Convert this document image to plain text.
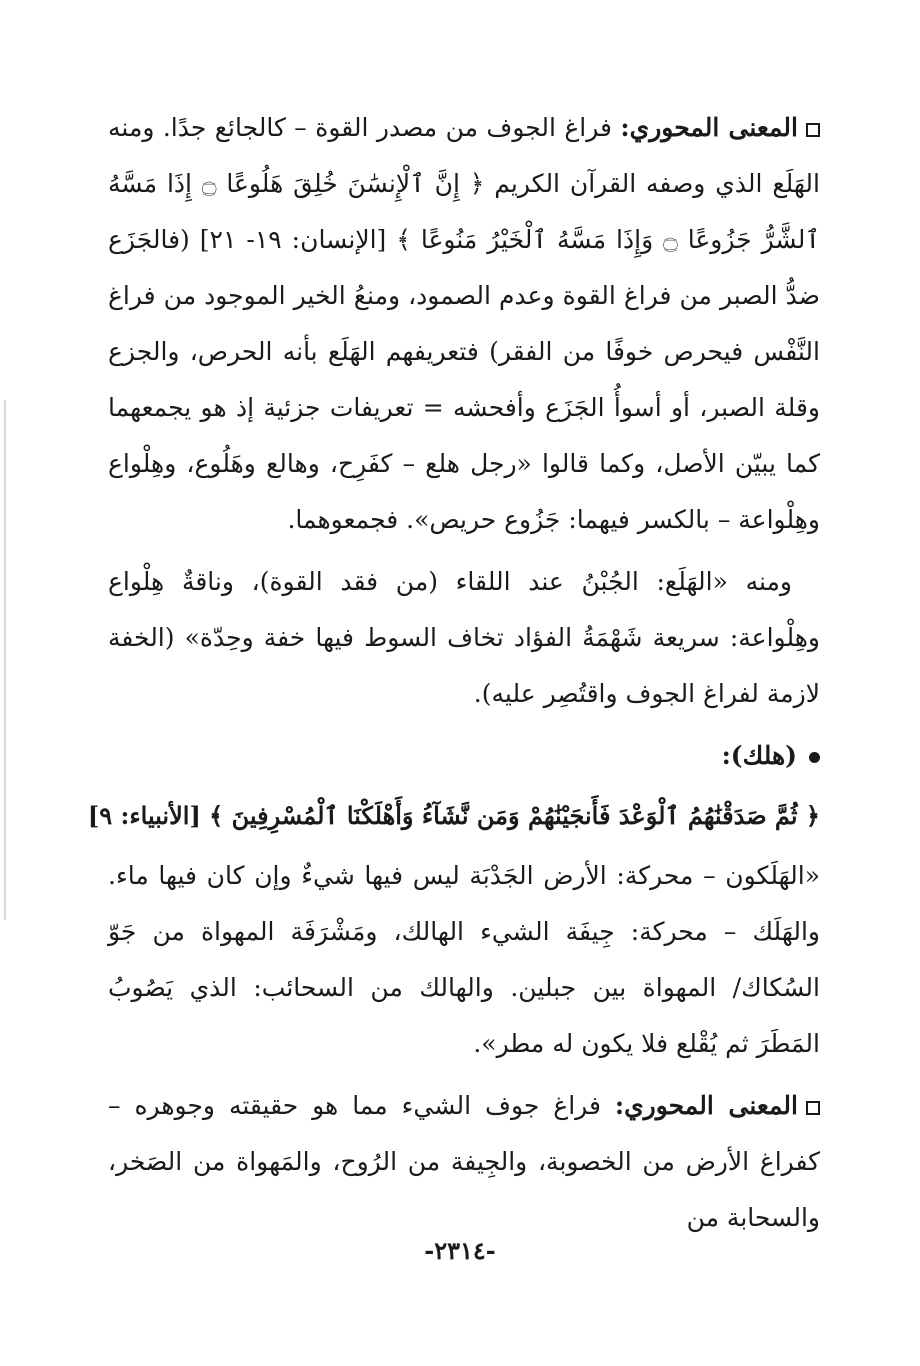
المعنى المحوري: فراغ الجوف من مصدر القوة – كالجائع جدًا. ومنه الهَلَع الذي وصفه القرآن الكريم ﴿ إِنَّ ٱلْإِنسَٰنَ خُلِقَ هَلُوعًا ۝ إِذَا مَسَّهُ ٱلشَّرُّ جَزُوعًا ۝ وَإِذَا مَسَّهُ ٱلْخَيْرُ مَنُوعًا ﴾ [الإنسان: ١٩- ٢١] (فالجَزَع ضدُّ الصبر من فراغ القوة وعدم الصمود، ومنعُ الخير الموجود من فراغ النَّفْس فيحرص خوفًا من الفقر) فتعريفهم الهَلَع بأنه الحرص، والجزع وقلة الصبر، أو أسوأُ الجَزَع وأفحشه = تعريفات جزئية إذ هو يجمعهما كما يبيّن الأصل، وكما قالوا «رجل هلع – كفَرِح، وهالع وهَلُوع، وهِلْواع وهِلْواعة – بالكسر فيهما: جَزُوع حريص». فجمعوهما.

ومنه «الهَلَع: الجُبْنُ عند اللقاء (من فقد القوة)، وناقةٌ هِلْواع وهِلْواعة: سريعة شَهْمَةُ الفؤاد تخاف السوط فيها خفة وحِدّة» (الخفة لازمة لفراغ الجوف واقتُصِر عليه).

(هلك):
﴿ ثُمَّ صَدَقْنَٰهُمُ ٱلْوَعْدَ فَأَنجَيْنَٰهُمْ وَمَن نَّشَآءُ وَأَهْلَكْنَا ٱلْمُسْرِفِينَ ﴾ [الأنبياء: ٩]

«الهَلَكون – محركة: الأرض الجَدْبَة ليس فيها شيءٌ وإن كان فيها ماء. والهَلَك – محركة: جِيفَة الشيء الهالك، ومَشْرَفَة المهواة من جَوّ السُكاك/ المهواة بين جبلين. والهالك من السحائب: الذي يَصُوبُ المَطَرَ ثم يُقْلع فلا يكون له مطر».

المعنى المحوري: فراغ جوف الشيء مما هو حقيقته وجوهره – كفراغ الأرض من الخصوبة، والجِيفة من الرُوح، والمَهواة من الصَخر، والسحابة من

-٢٣١٤-
